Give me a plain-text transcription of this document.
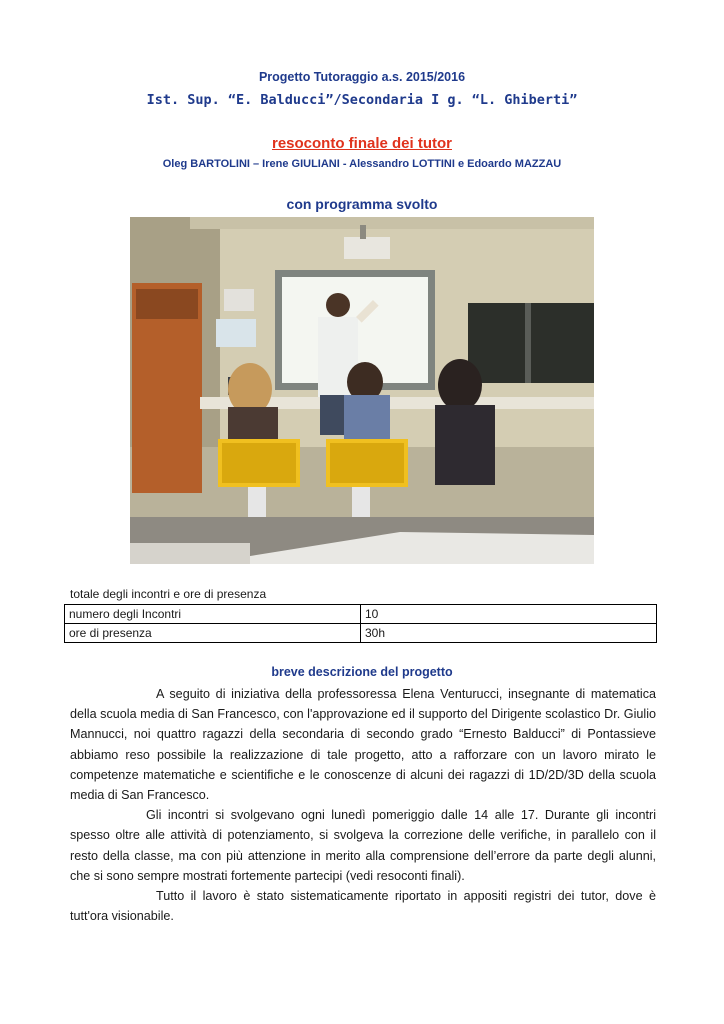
Progetto Tutoraggio a.s. 2015/2016
Ist. Sup. “E. Balducci”/Secondaria I g. “L. Ghiberti”
resoconto finale dei tutor
Oleg BARTOLINI – Irene GIULIANI - Alessandro LOTTINI e Edoardo MAZZAU
con programma svolto
totale degli incontri e ore di presenza
numero degli Incontri	10
ore di presenza	30h
breve descrizione del progetto

A seguito di iniziativa della professoressa Elena Venturucci, insegnante di matematica della scuola media di San Francesco, con l'approvazione ed il supporto del Dirigente scolastico Dr. Giulio Mannucci, noi quattro ragazzi della secondaria di secondo grado “Ernesto Balducci” di Pontassieve abbiamo reso possibile la realizzazione di tale progetto, atto a rafforzare con un lavoro mirato le competenze matematiche e scientifiche e le conoscenze di alcuni dei ragazzi di 1D/2D/3D della scuola media di San Francesco.

Gli incontri si svolgevano ogni lunedì pomeriggio dalle 14 alle 17. Durante gli incontri spesso oltre alle attività di potenziamento, si svolgeva la correzione delle verifiche, in parallelo con il resto della classe, ma con più attenzione in merito alla comprensione dell’errore da parte degli alunni, che si sono sempre mostrati fortemente partecipi (vedi resoconti finali).

Tutto il lavoro è stato sistematicamente riportato in appositi registri dei tutor, dove è tutt'ora visionabile.
